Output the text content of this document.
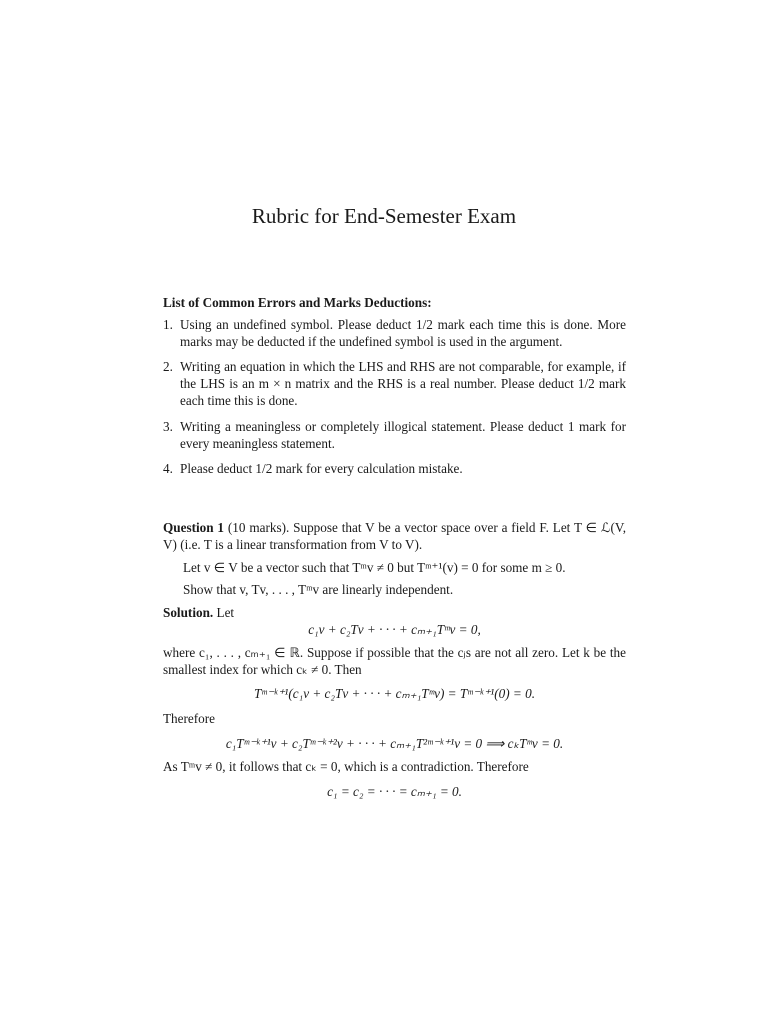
Rubric for End-Semester Exam
List of Common Errors and Marks Deductions:
1. Using an undefined symbol. Please deduct 1/2 mark each time this is done. More marks may be deducted if the undefined symbol is used in the argument.
2. Writing an equation in which the LHS and RHS are not comparable, for example, if the LHS is an m × n matrix and the RHS is a real number. Please deduct 1/2 mark each time this is done.
3. Writing a meaningless or completely illogical statement. Please deduct 1 mark for every meaningless statement.
4. Please deduct 1/2 mark for every calculation mistake.
Question 1 (10 marks). Suppose that V be a vector space over a field F. Let T ∈ ℒ(V, V) (i.e. T is a linear transformation from V to V).
Let v ∈ V be a vector such that Tᵐv ≠ 0 but Tᵐ⁺¹(v) = 0 for some m ≥ 0.
Show that v, Tv, . . . , Tᵐv are linearly independent.
Solution. Let
c₁v + c₂Tv + · · · + cₘ₊₁Tᵐv = 0,
where c₁, . . . , cₘ₊₁ ∈ ℝ. Suppose if possible that the cⱼs are not all zero. Let k be the smallest index for which cₖ ≠ 0. Then
Tᵐ⁻ᵏ⁺¹(c₁v + c₂Tv + · · · + cₘ₊₁Tᵐv) = Tᵐ⁻ᵏ⁺¹(0) = 0.
Therefore
c₁Tᵐ⁻ᵏ⁺¹v + c₂Tᵐ⁻ᵏ⁺²v + · · · + cₘ₊₁T²ᵐ⁻ᵏ⁺¹v = 0 ⟹ cₖTᵐv = 0.
As Tᵐv ≠ 0, it follows that cₖ = 0, which is a contradiction. Therefore
c₁ = c₂ = · · · = cₘ₊₁ = 0.
